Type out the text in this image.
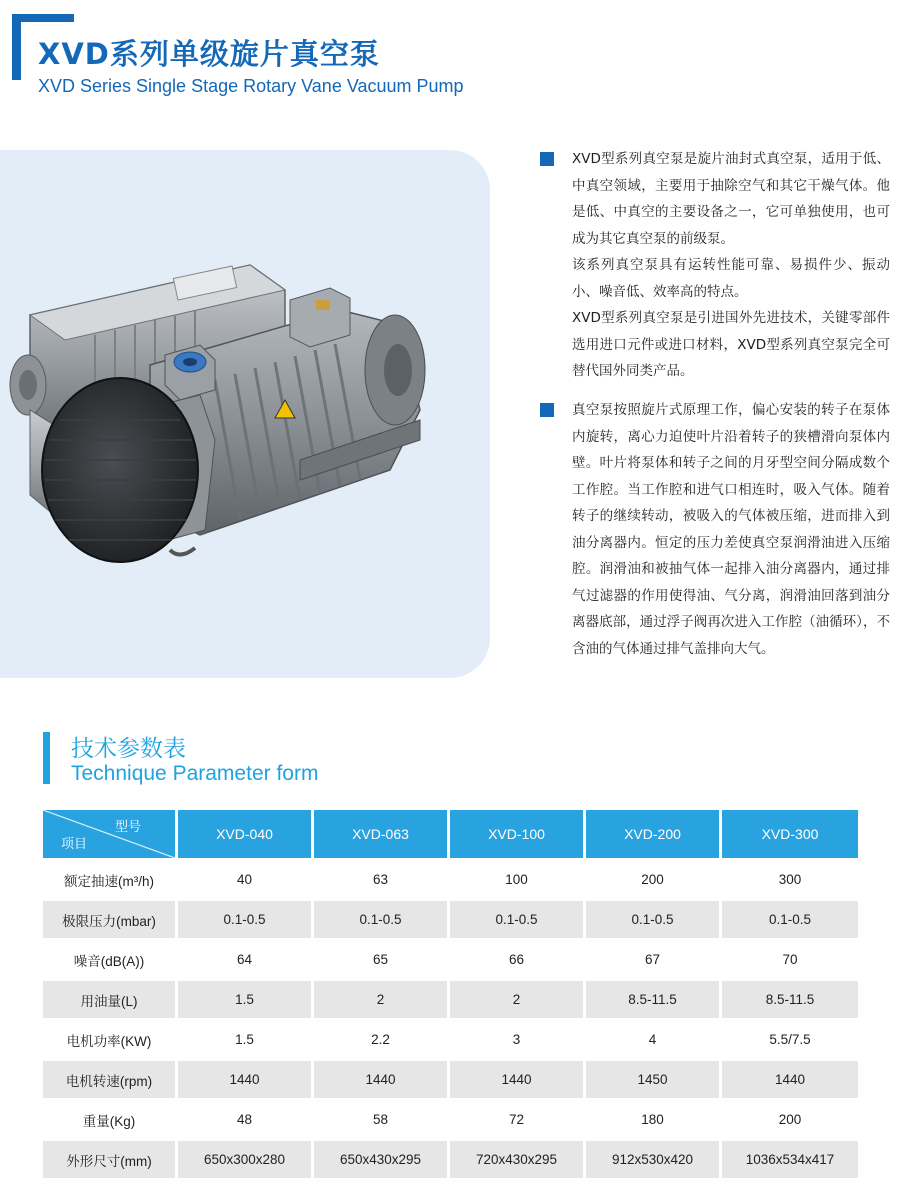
XVD系列单级旋片真空泵
XVD Series Single Stage Rotary Vane Vacuum Pump

XVD型系列真空泵是旋片油封式真空泵，适用于低、中真空领域，主要用于抽除空气和其它干燥气体。他是低、中真空的主要设备之一，它可单独使用，也可成为其它真空泵的前级泵。

该系列真空泵具有运转性能可靠、易损件少、振动小、噪音低、效率高的特点。

XVD型系列真空泵是引进国外先进技术，关键零部件选用进口元件或进口材料，XVD型系列真空泵完全可替代国外同类产品。

真空泵按照旋片式原理工作，偏心安装的转子在泵体内旋转，离心力迫使叶片沿着转子的狭槽滑向泵体内壁。叶片将泵体和转子之间的月牙型空间分隔成数个工作腔。当工作腔和进气口相连时，吸入气体。随着转子的继续转动，被吸入的气体被压缩，进而排入到油分离器内。恒定的压力差使真空泵润滑油进入压缩腔。润滑油和被抽气体一起排入油分离器内，通过排气过滤器的作用使得油、气分离，润滑油回落到油分离器底部，通过浮子阀再次进入工作腔（油循环），不含油的气体通过排气盖排向大气。

技术参数表
Technique Parameter form
型号
项目	XVD-040	XVD-063	XVD-100	XVD-200	XVD-300
额定抽速(m³/h)	40	63	100	200	300
极限压力(mbar)	0.1-0.5	0.1-0.5	0.1-0.5	0.1-0.5	0.1-0.5
噪音(dB(A))	64	65	66	67	70
用油量(L)	1.5	2	2	8.5-11.5	8.5-11.5
电机功率(KW)	1.5	2.2	3	4	5.5/7.5
电机转速(rpm)	1440	1440	1440	1450	1440
重量(Kg)	48	58	72	180	200
外形尺寸(mm)	650x300x280	650x430x295	720x430x295	912x530x420	1036x534x417
